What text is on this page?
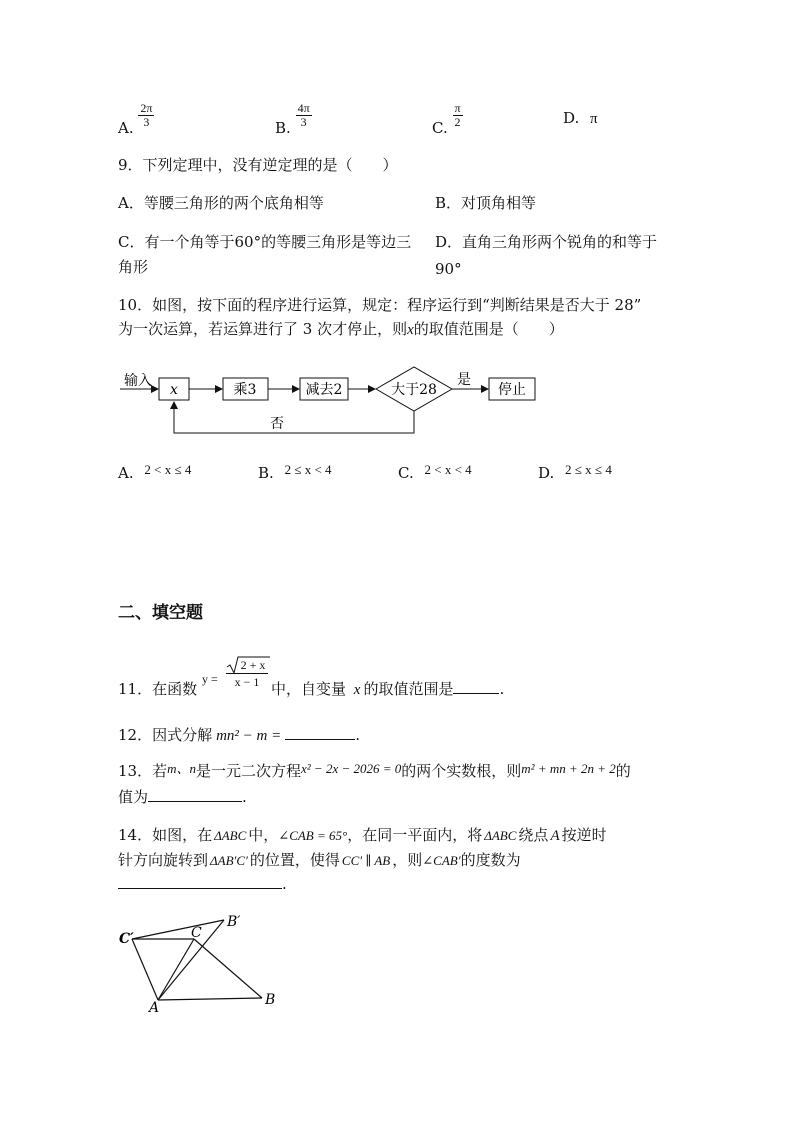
A. $\frac{2\pi}{3}$	B. $\frac{4\pi}{3}$	C. $\frac{\pi}{2}$	D. π
9．下列定理中，没有逆定理的是（　　）
A．等腰三角形的两个底角相等	B．对顶角相等
C．有一个角等于60°的等腰三角形是等边三
角形
D．直角三角形两个锐角的和等于
90°
10．如图，按下面的程序进行运算，规定：程序运行到“判断结果是否大于 28”
为一次运算，若运算进行了 3 次才停止，则x的取值范围是（　　）
输入
x	乘3	减去2	大于28
是
停止
否
A. 2 < x ≤ 4	B. 2 ≤ x < 4	C. 2 < x < 4	D. 2 ≤ x ≤ 4
二、填空题
11．在函数
y =
2 + x
x − 1 中，自变量 x 的取值范围是	.
12．因式分解 mn² − m =	.
13．若m、n是一元二次方程x² − 2x − 2026 = 0的两个实数根，则m² + mn + 2n + 2的
值为	.
14．如图，在 ΔABC 中，∠CAB = 65°，在同一平面内，将 ΔABC 绕点 A 按逆时
针方向旋转到 ΔAB′C′ 的位置，使得 CC′ ∥ AB ，则∠CAB′的度数为
.
C′	C
B′
A	B
